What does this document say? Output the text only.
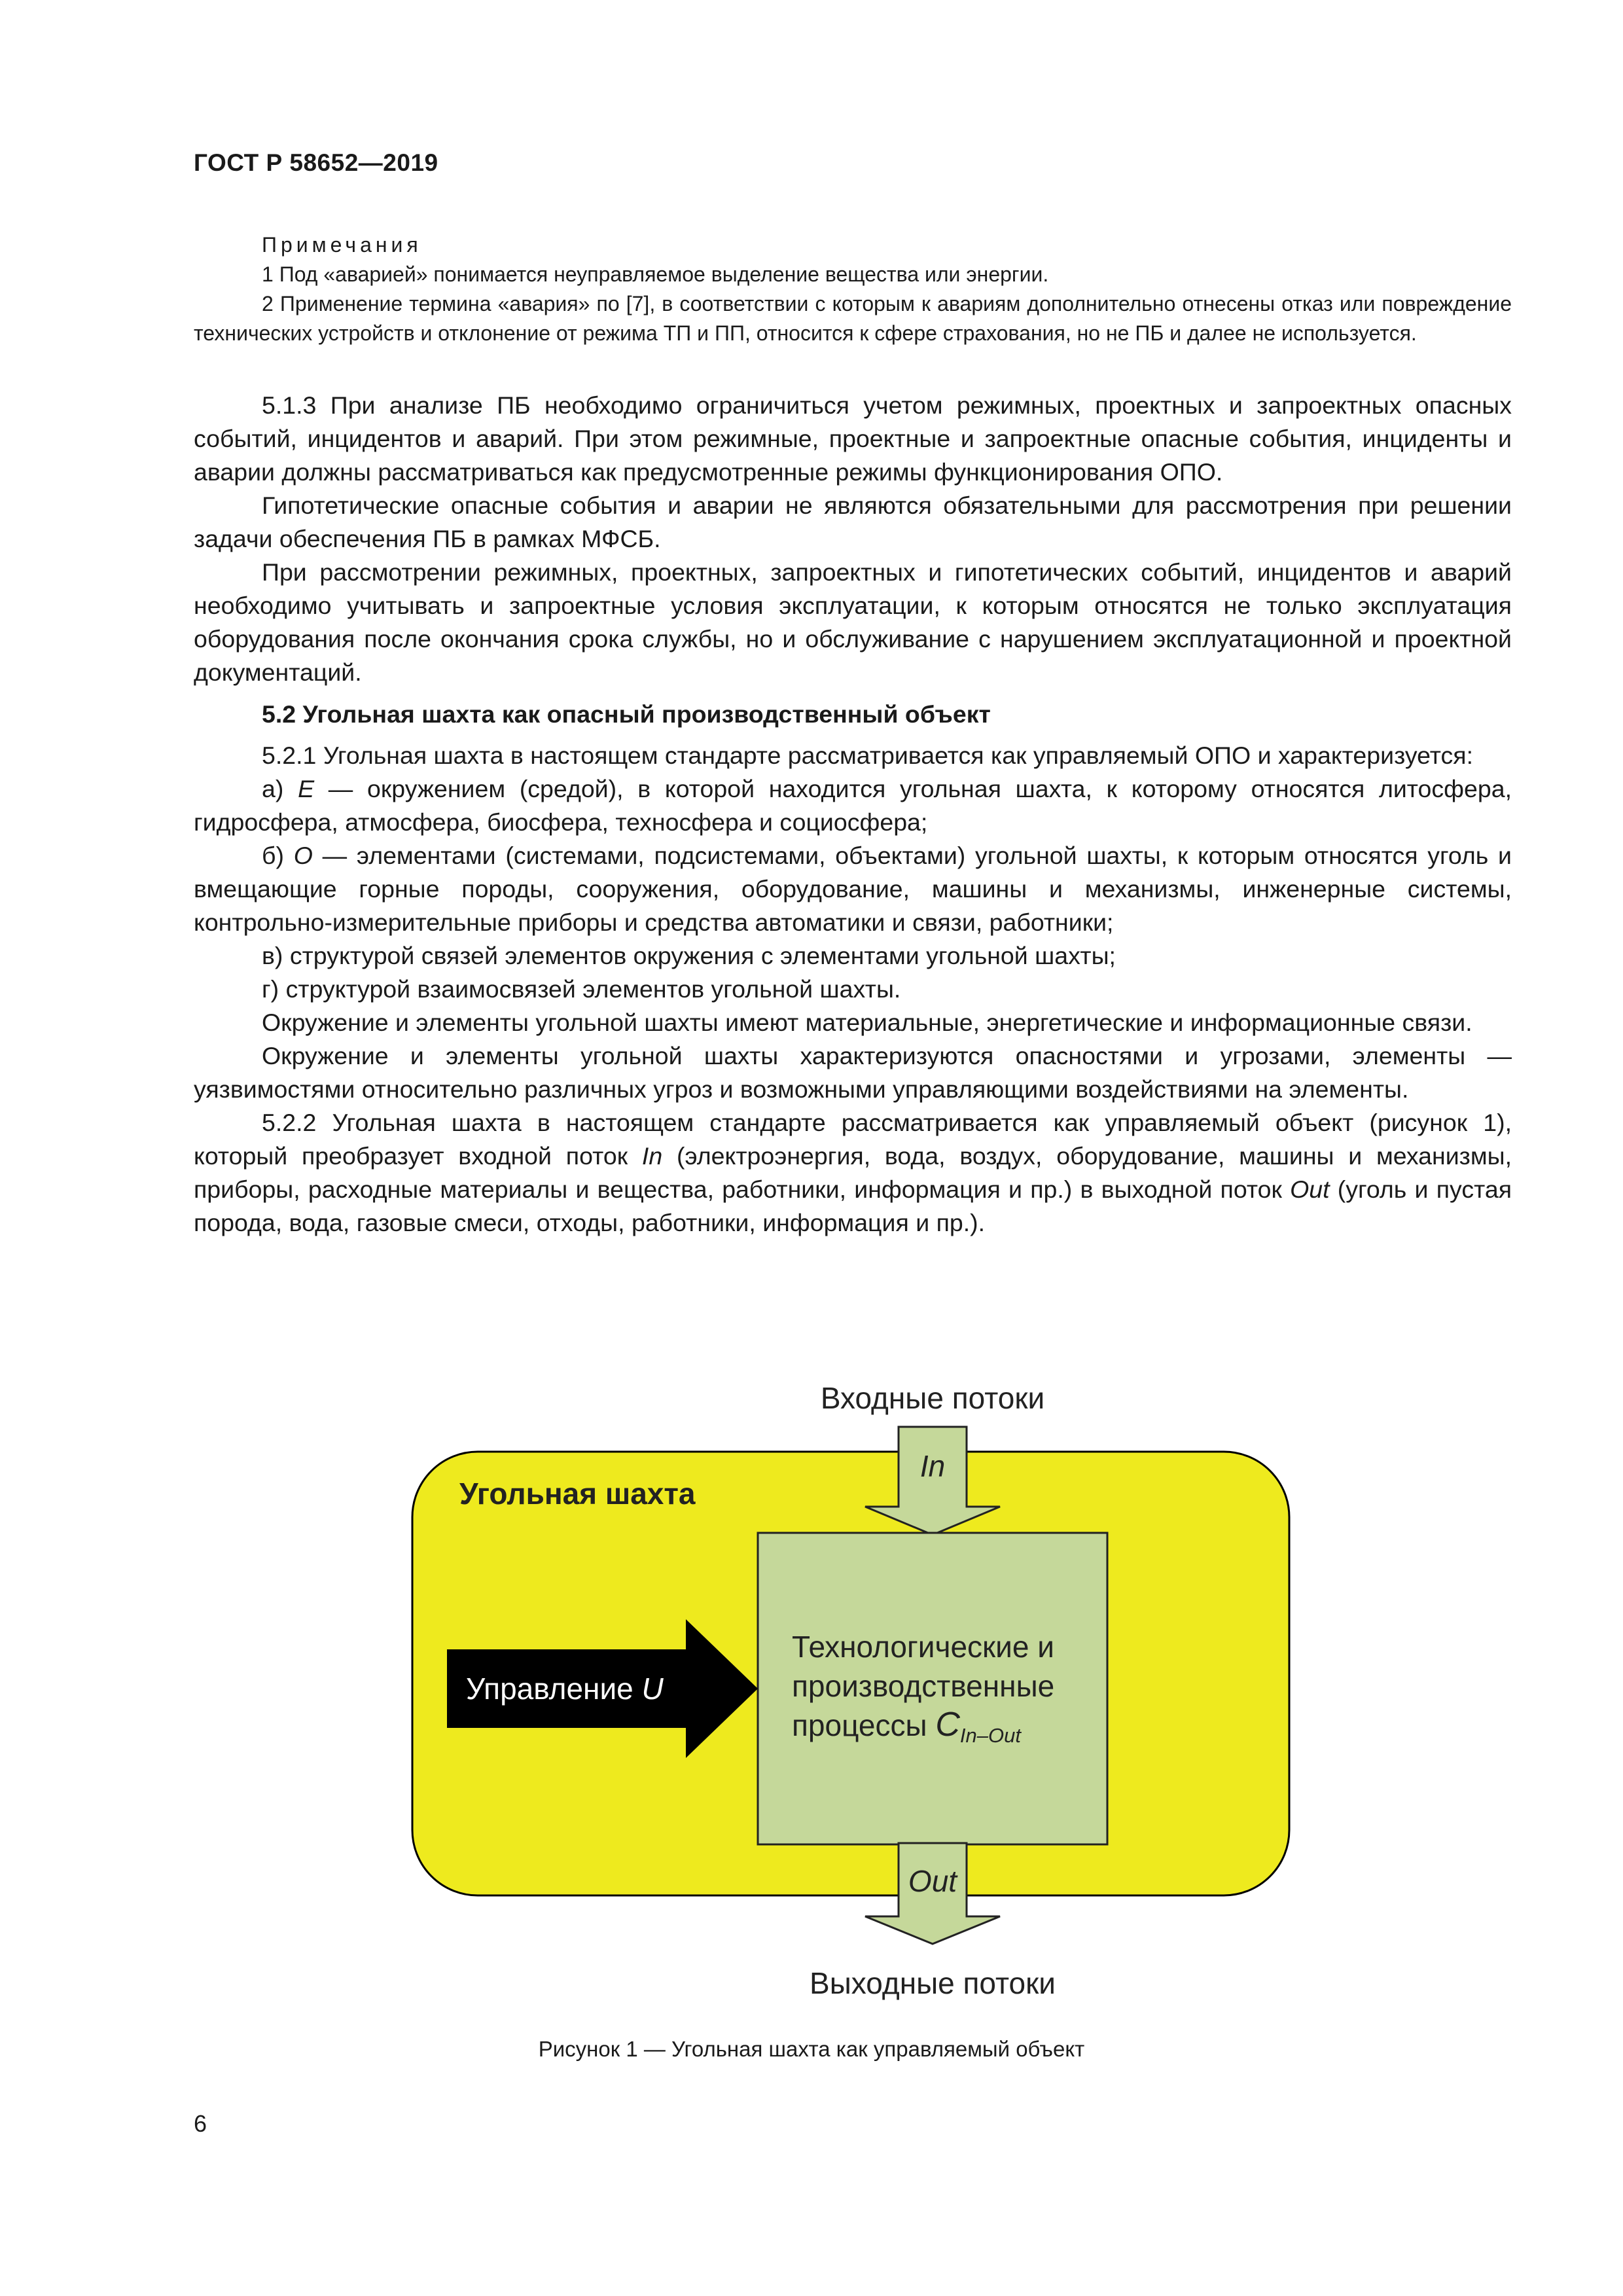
ГОСТ Р 58652—2019
Примечания

1 Под «аварией» понимается неуправляемое выделение вещества или энергии.

2 Применение термина «авария» по [7], в соответствии с которым к авариям дополнительно отнесены отказ или повреждение технических устройств и отклонение от режима ТП и ПП, относится к сфере страхования, но не ПБ и далее не используется.

5.1.3 При анализе ПБ необходимо ограничиться учетом режимных, проектных и запроектных опасных событий, инцидентов и аварий. При этом режимные, проектные и запроектные опасные события, инциденты и аварии должны рассматриваться как предусмотренные режимы функционирования ОПО.

Гипотетические опасные события и аварии не являются обязательными для рассмотрения при решении задачи обеспечения ПБ в рамках МФСБ.

При рассмотрении режимных, проектных, запроектных и гипотетических событий, инцидентов и аварий необходимо учитывать и запроектные условия эксплуатации, к которым относятся не только эксплуатация оборудования после окончания срока службы, но и обслуживание с нарушением эксплуатационной и проектной документаций.

5.2 Угольная шахта как опасный производственный объект

5.2.1 Угольная шахта в настоящем стандарте рассматривается как управляемый ОПО и характеризуется:

а) E — окружением (средой), в которой находится угольная шахта, к которому относятся литосфера, гидросфера, атмосфера, биосфера, техносфера и социосфера;

б) O — элементами (системами, подсистемами, объектами) угольной шахты, к которым относятся уголь и вмещающие горные породы, сооружения, оборудование, машины и механизмы, инженерные системы, контрольно-измерительные приборы и средства автоматики и связи, работники;

в) структурой связей элементов окружения с элементами угольной шахты;

г) структурой взаимосвязей элементов угольной шахты.

Окружение и элементы угольной шахты имеют материальные, энергетические и информационные связи.

Окружение и элементы угольной шахты характеризуются опасностями и угрозами, элементы — уязвимостями относительно различных угроз и возможными управляющими воздействиями на элементы.

5.2.2 Угольная шахта в настоящем стандарте рассматривается как управляемый объект (рисунок 1), который преобразует входной поток In (электроэнергия, вода, воздух, оборудование, машины и механизмы, приборы, расходные материалы и вещества, работники, информация и пр.) в выходной поток Out (уголь и пустая порода, вода, газовые смеси, отходы, работники, информация и пр.).

Входные потоки
Угольная шахта
In
Технологические и
производственные
процессы $C_{In-Out}$
Управление U
Out
Выходные потоки
Рисунок 1 — Угольная шахта как управляемый объект
6
